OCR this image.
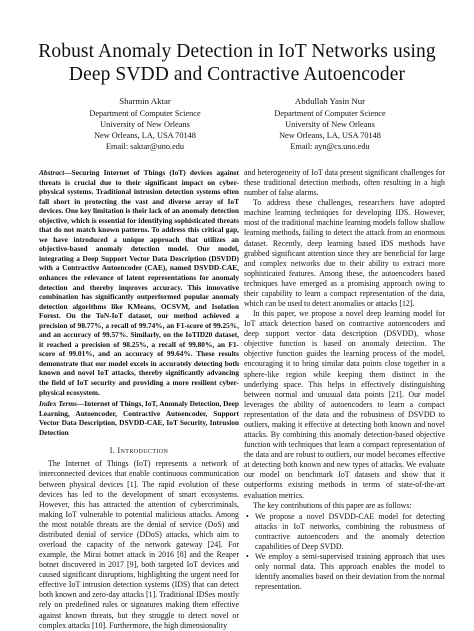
Robust Anomaly Detection in IoT Networks using Deep SVDD and Contractive Autoencoder
Sharmin Aktar
Department of Computer Science
University of New Orleans
New Orleans, LA, USA 70148
Email: saktar@uno.edu
Abdullah Yasin Nur
Department of Computer Science
University of New Orleans
New Orleans, LA, USA 70148
Email: ayn@cs.uno.edu
Abstract—Securing Internet of Things (IoT) devices against threats is crucial due to their significant impact on cyber-physical systems. Traditional intrusion detection systems often fall short in protecting the vast and diverse array of IoT devices. One key limitation is their lack of an anomaly detection objective, which is essential for identifying sophisticated threats that do not match known patterns. To address this critical gap, we have introduced a unique approach that utilizes an objective-based anomaly detection model. Our model, integrating a Deep Support Vector Data Description (DSVDD) with a Contractive Autoencoder (CAE), named DSVDD-CAE, enhances the relevance of latent representations for anomaly detection and thereby improves accuracy. This innovative combination has significantly outperformed popular anomaly detection algorithms like KMeans, OCSVM, and Isolation Forest. On the ToN-IoT dataset, our method achieved a precision of 98.77%, a recall of 99.74%, an F1-score of 99.25%, and an accuracy of 99.57%. Similarly, on the IoTID20 dataset, it reached a precision of 98.25%, a recall of 99.80%, an F1-score of 99.01%, and an accuracy of 99.64%. These results demonstrate that our model excels in accurately detecting both known and novel IoT attacks, thereby significantly advancing the field of IoT security and providing a more resilient cyber-physical ecosystem.
Index Terms—Internet of Things, IoT, Anomaly Detection, Deep Learning, Autoencoder, Contractive Autoencoder, Support Vector Data Description, DSVDD-CAE, IoT Security, Intrusion Detection
I. Introduction

The Internet of Things (IoT) represents a network of interconnected devices that enable continuous communication between physical devices [1]. The rapid evolution of these devices has led to the development of smart ecosystems. However, this has attracted the attention of cybercriminals, making IoT vulnerable to potential malicious attacks. Among the most notable threats are the denial of service (DoS) and distributed denial of service (DDoS) attacks, which aim to overload the capacity of the network gateway [24]. For example, the Mirai botnet attack in 2016 [8] and the Reaper botnet discovered in 2017 [9], both targeted IoT devices and caused significant disruptions, highlighting the urgent need for effective IoT intrusion detection systems (IDS) that can detect both known and zero-day attacks [1]. Traditional IDSes mostly rely on predefined rules or signatures making them effective against known threats, but they struggle to detect novel or complex attacks [10]. Furthermore, the high dimensionality

and heterogeneity of IoT data present significant challenges for these traditional detection methods, often resulting in a high number of false alarms.

To address these challenges, researchers have adopted machine learning techniques for developing IDS. However, most of the traditional machine learning models follow shallow learning methods, failing to detect the attack from an enormous dataset. Recently, deep learning based IDS methods have grabbed significant attention since they are beneficial for large and complex networks due to their ability to extract more sophisticated features. Among these, the autoencoders based techniques have emerged as a promising approach owing to their capability to learn a compact representation of the data, which can be used to detect anomalies or attacks [12].

In this paper, we propose a novel deep learning model for IoT attack detection based on contractive autoencoders and deep support vector data description (DSVDD), whose objective function is based on anomaly detection. The objective function guides the learning process of the model, encouraging it to bring similar data points close together in a sphere-like region while keeping them distinct in the underlying space. This helps in effectively distinguishing between normal and unusual data points [21]. Our model leverages the ability of autoencoders to learn a compact representation of the data and the robustness of DSVDD to outliers, making it effective at detecting both known and novel attacks. By combining this anomaly detection-based objective function with techniques that learn a compact representation of the data and are robust to outliers, our model becomes effective at detecting both known and new types of attacks. We evaluate our model on benchmark IoT datasets and show that it outperforms existing methods in terms of state-of-the-art evaluation metrics.

The key contributions of this paper are as follows:

• We propose a novel DSVDD-CAE model for detecting attacks in IoT networks, combining the robustness of contractive autoencoders and the anomaly detection capabilities of Deep SVDD.
• We employ a semi-supervised training approach that uses only normal data. This approach enables the model to identify anomalies based on their deviation from the normal representation.
